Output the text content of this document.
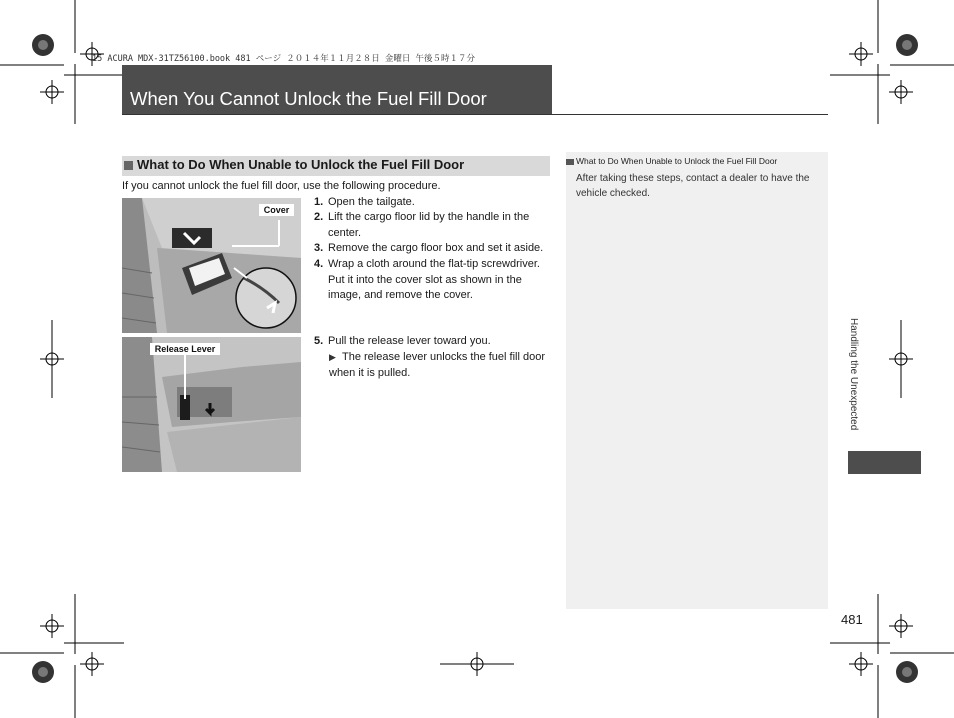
15 ACURA MDX-31TZ56100.book 481 ページ ２０１４年１１月２８日 金曜日 午後５時１７分
When You Cannot Unlock the Fuel Fill Door
What to Do When Unable to Unlock the Fuel Fill Door
If you cannot unlock the fuel fill door, use the following procedure.
Cover
Release Lever
1. Open the tailgate.
2. Lift the cargo floor lid by the handle in the center.
3. Remove the cargo floor box and set it aside.
4. Wrap a cloth around the flat-tip screwdriver. Put it into the cover slot as shown in the image, and remove the cover.
5. Pull the release lever toward you.
▶ The release lever unlocks the fuel fill door when it is pulled.
What to Do When Unable to Unlock the Fuel Fill Door
After taking these steps, contact a dealer to have the vehicle checked.
Handling the Unexpected
481
